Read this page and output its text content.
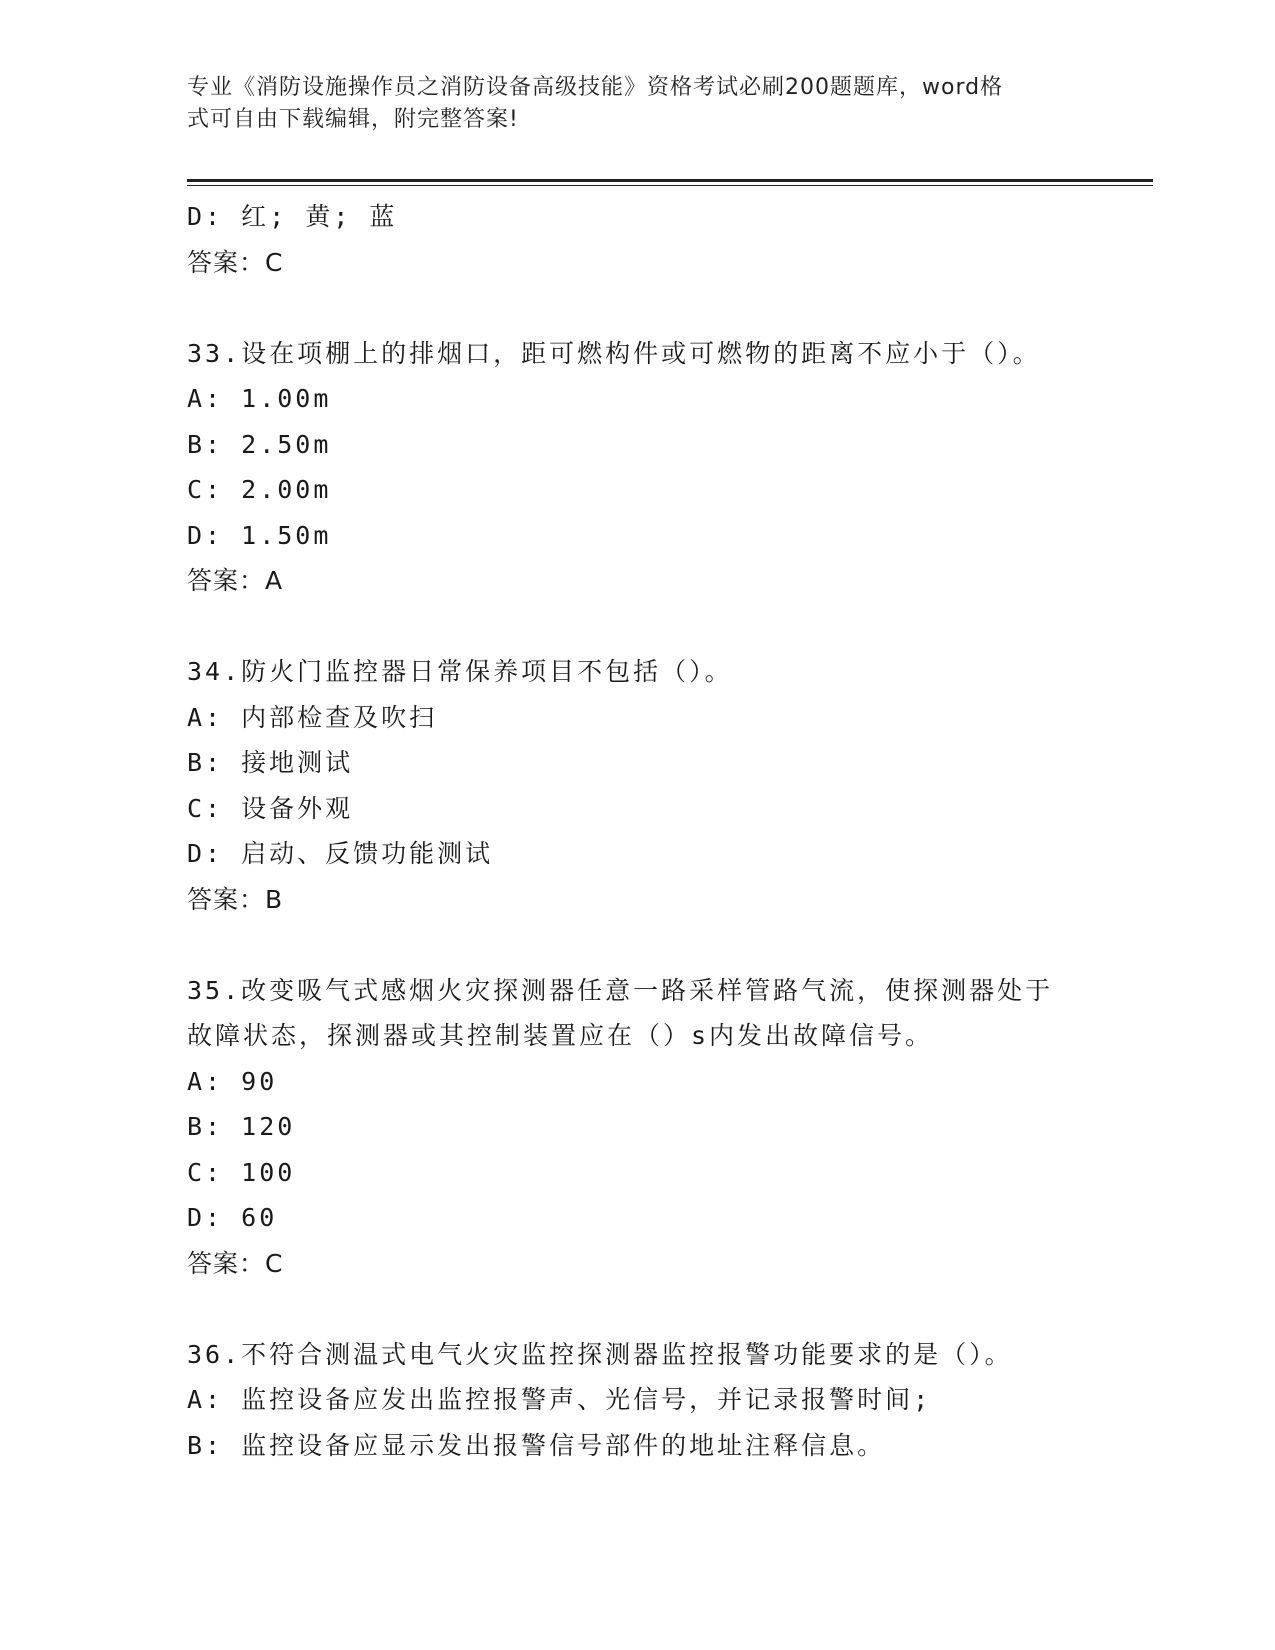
专业《消防设施操作员之消防设备高级技能》资格考试必刷200题题库，word格
式可自由下载编辑，附完整答案!
D: 红; 黄; 蓝
答案：C
33.设在项棚上的排烟口，距可燃构件或可燃物的距离不应小于（）。
A: 1.00m
B: 2.50m
C: 2.00m
D: 1.50m
答案：A
34.防火门监控器日常保养项目不包括（）。
A: 内部检查及吹扫
B: 接地测试
C: 设备外观
D: 启动、反馈功能测试
答案：B
35.改变吸气式感烟火灾探测器任意一路采样管路气流，使探测器处于
故障状态，探测器或其控制装置应在（）s内发出故障信号。
A: 90
B: 120
C: 100
D: 60
答案：C
36.不符合测温式电气火灾监控探测器监控报警功能要求的是（）。
A: 监控设备应发出监控报警声、光信号，并记录报警时间;
B: 监控设备应显示发出报警信号部件的地址注释信息。
